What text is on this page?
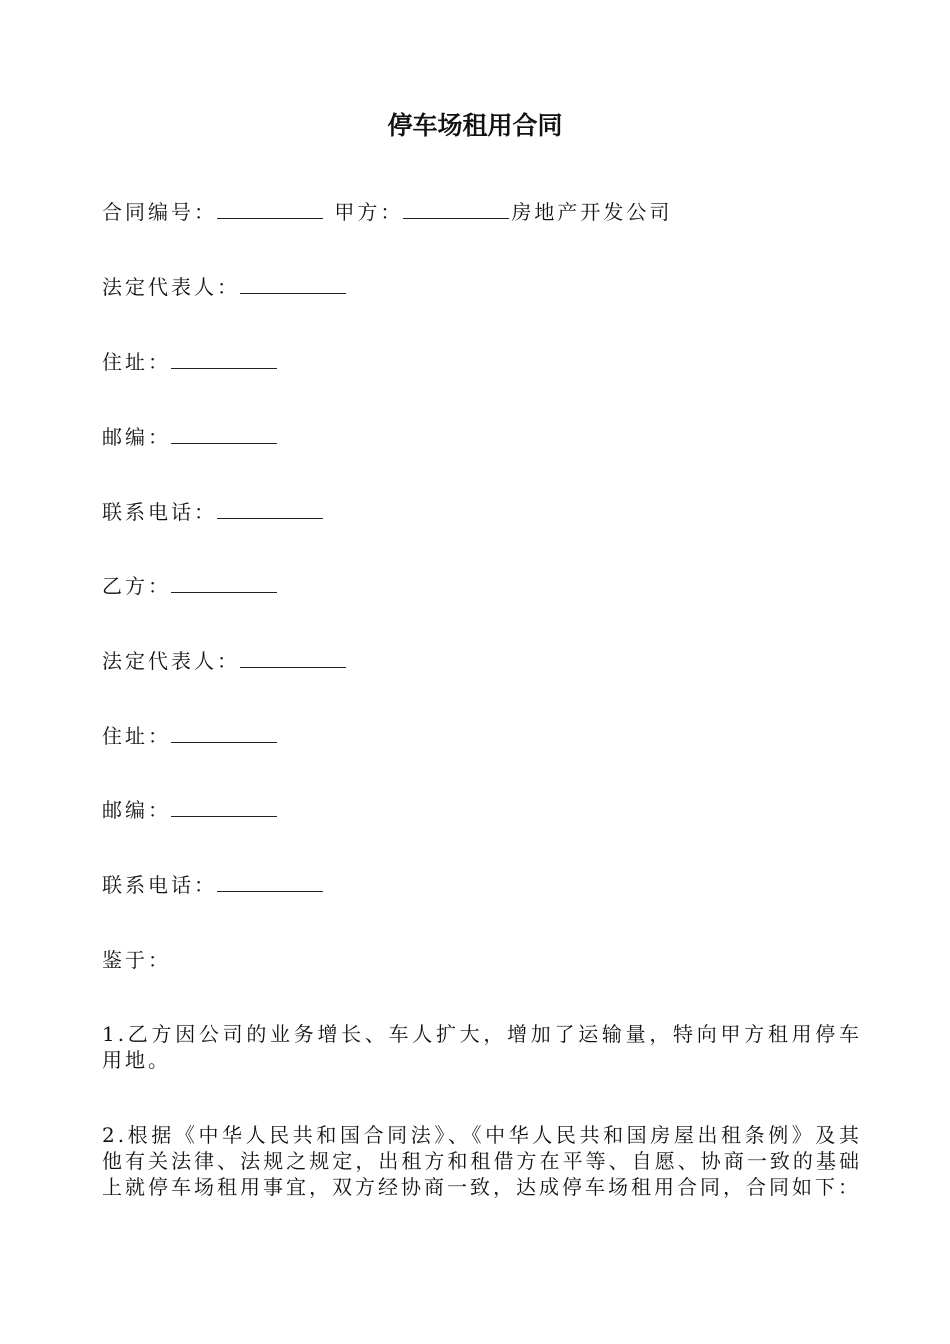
停车场租用合同
合同编号：	甲方：	房地产开发公司
法定代表人：
住址：
邮编：
联系电话：
乙方：
法定代表人：
住址：
邮编：
联系电话：
鉴于：
1.乙方因公司的业务增长、车人扩大，增加了运输量，特向甲方租用停车用地。
2.根据《中华人民共和国合同法》、《中华人民共和国房屋出租条例》及其他有关法律、法规之规定，出租方和租借方在平等、自愿、协商一致的基础上就停车场租用事宜，双方经协商一致，达成停车场租用合同，合同如下：
